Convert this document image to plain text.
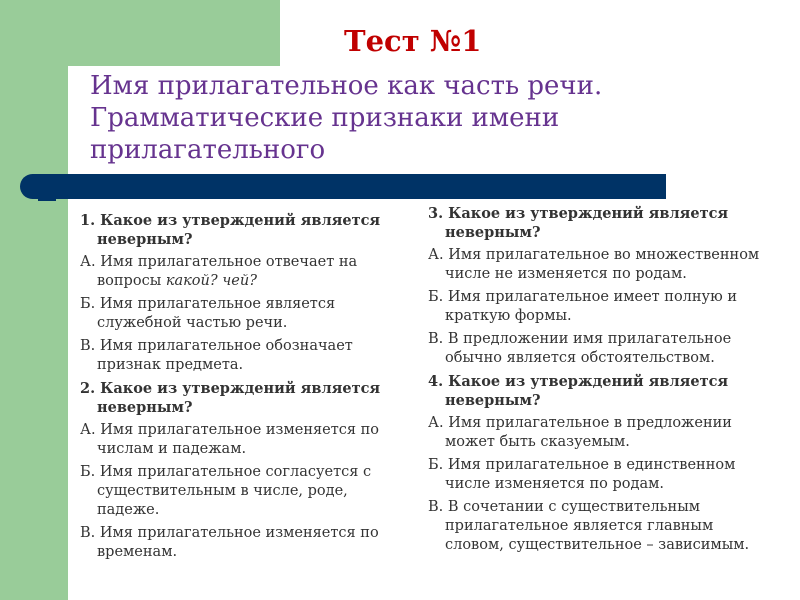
Тест №1
Имя прилагательное как часть речи. Грамматические признаки имени прилагательного
1. Какое из утверждений является неверным?
А. Имя прилагательное отвечает на вопросы какой? чей?
Б. Имя прилагательное является служебной частью речи.
В. Имя прилагательное обозначает признак предмета.
2. Какое из утверждений является неверным?
А. Имя прилагательное изменяется по числам и падежам.
Б. Имя прилагательное согласуется с существительным в числе, роде, падеже.
В. Имя прилагательное изменяется по временам.
3. Какое из утверждений является неверным?
А. Имя прилагательное во множественном числе не изменяется по родам.
Б. Имя прилагательное имеет полную и краткую формы.
В. В предложении имя прилагательное обычно является обстоятельством.
4. Какое из утверждений является неверным?
А. Имя прилагательное в предложении может быть сказуемым.
Б. Имя прилагательное в единственном числе изменяется по родам.
В. В сочетании с существительным прилагательное является главным словом, существительное – зависимым.
